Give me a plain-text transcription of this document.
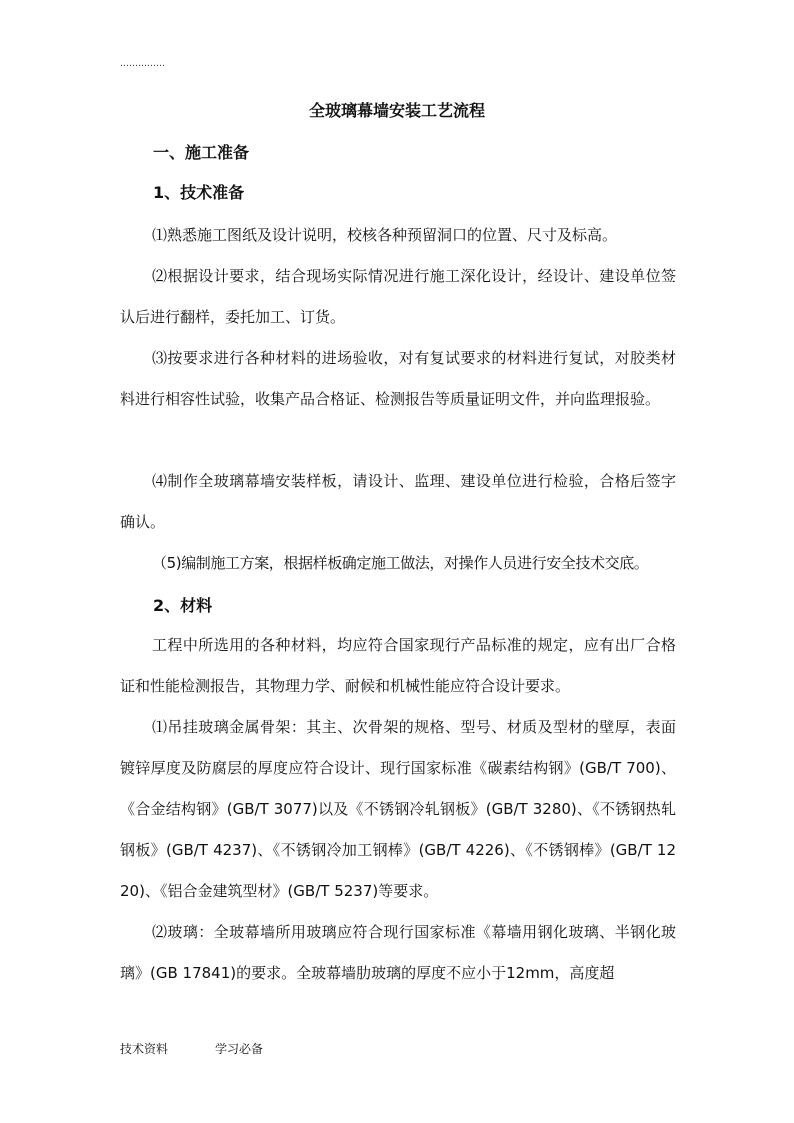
……………
全玻璃幕墙安装工艺流程
一、施工准备
1、技术准备
⑴熟悉施工图纸及设计说明，校核各种预留洞口的位置、尺寸及标高。
⑵根据设计要求，结合现场实际情况进行施工深化设计，经设计、建设单位签认后进行翻样，委托加工、订货。
⑶按要求进行各种材料的进场验收，对有复试要求的材料进行复试，对胶类材料进行相容性试验，收集产品合格证、检测报告等质量证明文件，并向监理报验。
⑷制作全玻璃幕墙安装样板，请设计、监理、建设单位进行检验，合格后签字确认。
（5)编制施工方案，根据样板确定施工做法，对操作人员进行安全技术交底。
2、材料
工程中所选用的各种材料，均应符合国家现行产品标准的规定，应有出厂合格证和性能检测报告，其物理力学、耐候和机械性能应符合设计要求。
⑴吊挂玻璃金属骨架：其主、次骨架的规格、型号、材质及型材的壁厚，表面镀锌厚度及防腐层的厚度应符合设计、现行国家标准《碳素结构钢》(GB/T 700)、《合金结构钢》(GB/T 3077)以及《不锈钢冷轧钢板》(GB/T 3280)、《不锈钢热轧钢板》(GB/T 4237)、《不锈钢冷加工钢棒》(GB/T 4226)、《不锈钢棒》(GB/T 1220)、《铝合金建筑型材》(GB/T 5237)等要求。
⑵玻璃：全玻幕墙所用玻璃应符合现行国家标准《幕墙用钢化玻璃、半钢化玻璃》(GB 17841)的要求。全玻幕墙肋玻璃的厚度不应小于12mm，高度超
技术资料	学习必备
